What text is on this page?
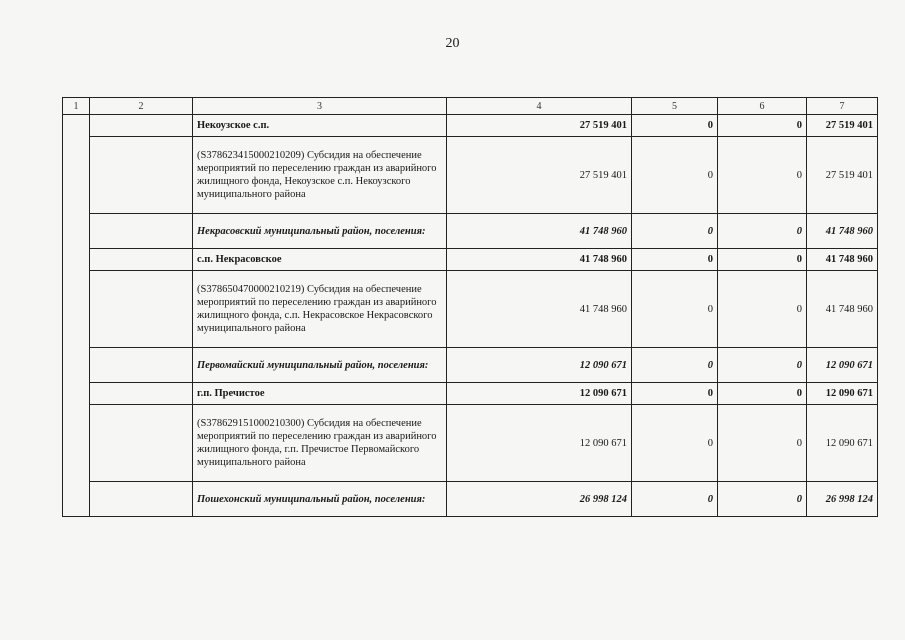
20
1	2	3	4	5	6	7
		Некоузское с.п.	27 519 401	0	0	27 519 401
		(S378623415000210209) Субсидия на обеспечение мероприятий по переселению граждан из аварийного жилищного фонда, Некоузское с.п. Некоузского муниципального района	27 519 401	0	0	27 519 401
		Некрасовский муниципальный район, поселения:	41 748 960	0	0	41 748 960
		с.п. Некрасовское	41 748 960	0	0	41 748 960
		(S378650470000210219) Субсидия на обеспечение мероприятий по переселению граждан из аварийного жилищного фонда, с.п. Некрасовское Некрасовского муниципального района	41 748 960	0	0	41 748 960
		Первомайский муниципальный район, поселения:	12 090 671	0	0	12 090 671
		г.п. Пречистое	12 090 671	0	0	12 090 671
		(S378629151000210300) Субсидия на обеспечение мероприятий по переселению граждан из аварийного жилищного фонда, г.п. Пречистое Первомайского муниципального района	12 090 671	0	0	12 090 671
		Пошехонский муниципальный район, поселения:	26 998 124	0	0	26 998 124
